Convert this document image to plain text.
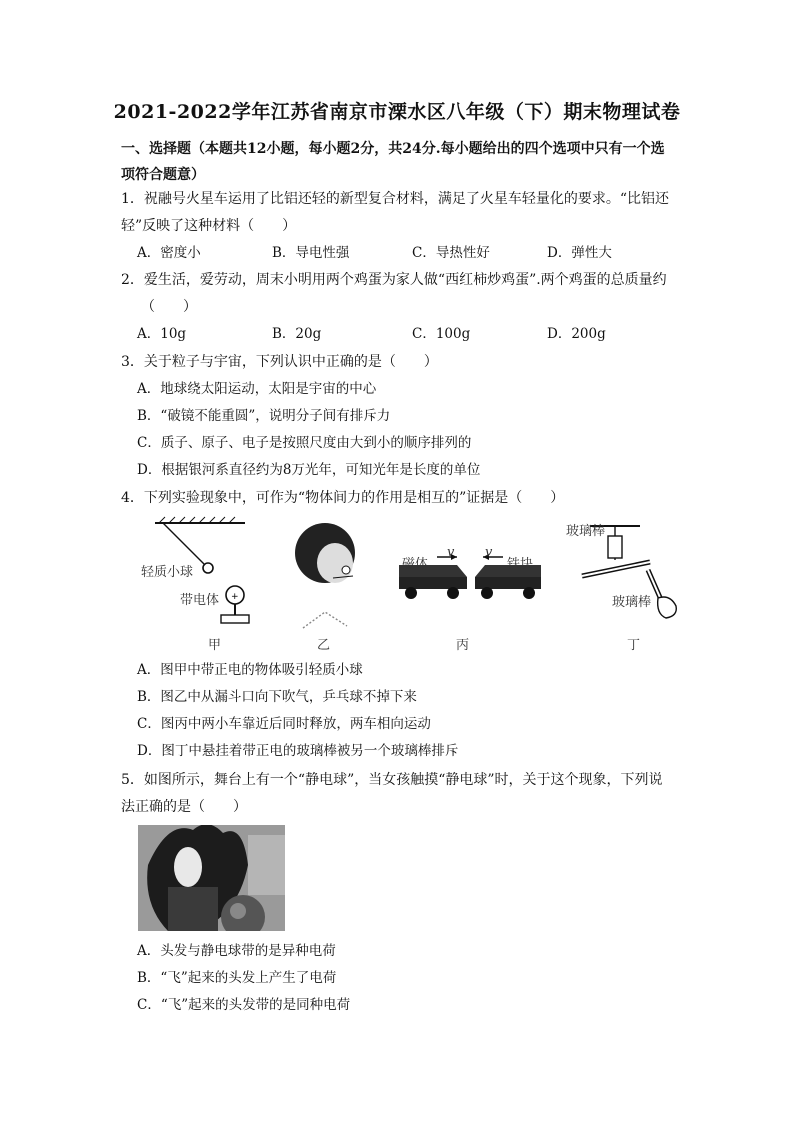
2021-2022学年江苏省南京市溧水区八年级（下）期末物理试卷
一、选择题（本题共12小题，每小题2分，共24分.每小题给出的四个选项中只有一个选
项符合题意）
1．祝融号火星车运用了比铝还轻的新型复合材料，满足了火星车轻量化的要求。“比铝还
轻”反映了这种材料（　　）
A．密度小	B．导电性强	C．导热性好	D．弹性大
2．爱生活，爱劳动，周末小明用两个鸡蛋为家人做“西红柿炒鸡蛋”.两个鸡蛋的总质量约
（　　）
A．10g	B．20g	C．100g	D．200g
3．关于粒子与宇宙，下列认识中正确的是（　　）
A．地球绕太阳运动，太阳是宇宙的中心
B．“破镜不能重圆”，说明分子间有排斥力
C．质子、原子、电子是按照尺度由大到小的顺序排列的
D．根据银河系直径约为8万光年，可知光年是长度的单位
4．下列实验现象中，可作为“物体间力的作用是相互的”证据是（　　）
+
轻质小球
带电体
甲	乙
磁体
v v
铁块
丙
玻璃棒
玻璃棒
丁
A．图甲中带正电的物体吸引轻质小球
B．图乙中从漏斗口向下吹气，乒乓球不掉下来
C．图丙中两小车靠近后同时释放，两车相向运动
D．图丁中悬挂着带正电的玻璃棒被另一个玻璃棒排斥
5．如图所示，舞台上有一个“静电球”，当女孩触摸“静电球”时，关于这个现象，下列说
法正确的是（　　）
A．头发与静电球带的是异种电荷
B．“飞”起来的头发上产生了电荷
C．“飞”起来的头发带的是同种电荷
